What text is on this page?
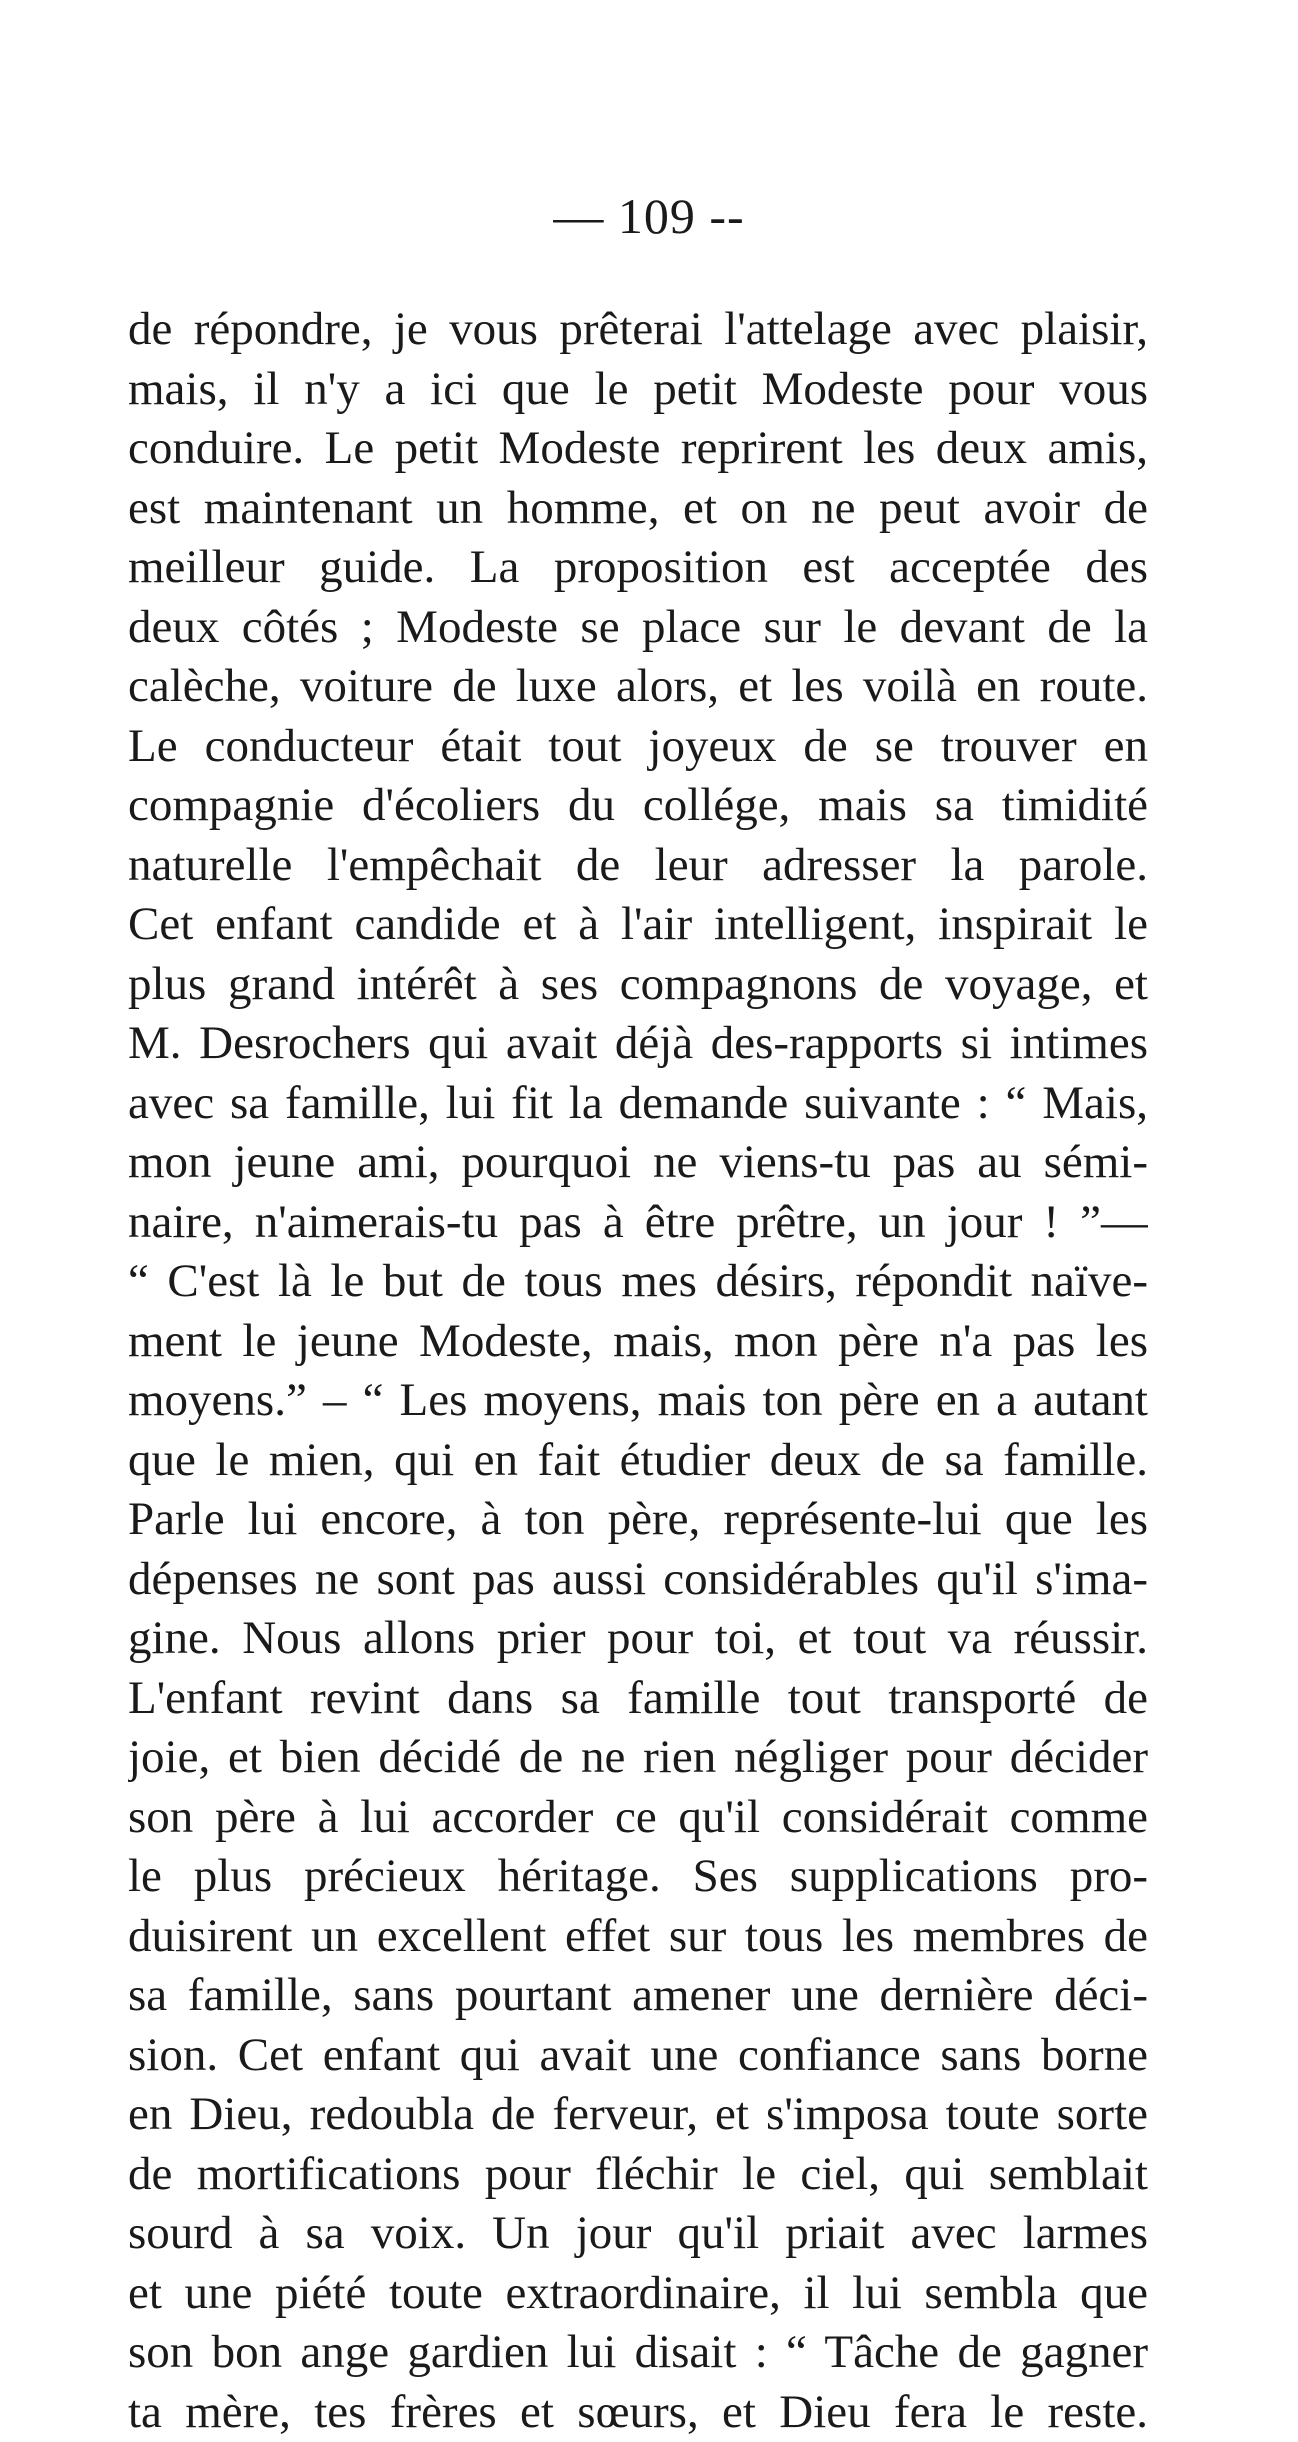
— 109 --
de répondre, je vous prêterai l'attelage avec plaisir,
mais, il n'y a ici que le petit Modeste pour vous
conduire. Le petit Modeste reprirent les deux amis,
est maintenant un homme, et on ne peut avoir de
meilleur guide. La proposition est acceptée des
deux côtés ; Modeste se place sur le devant de la
calèche, voiture de luxe alors, et les voilà en route.
Le conducteur était tout joyeux de se trouver en
compagnie d'écoliers du collége, mais sa timidité
naturelle l'empêchait de leur adresser la parole.
Cet enfant candide et à l'air intelligent, inspirait le
plus grand intérêt à ses compagnons de voyage, et
M. Desrochers qui avait déjà des-rapports si intimes
avec sa famille, lui fit la demande suivante : “ Mais,
mon jeune ami, pourquoi ne viens-tu pas au sémi-
naire, n'aimerais-tu pas à être prêtre, un jour ! ”—
“ C'est là le but de tous mes désirs, répondit naïve-
ment le jeune Modeste, mais, mon père n'a pas les
moyens.” – “ Les moyens, mais ton père en a autant
que le mien, qui en fait étudier deux de sa famille.
Parle lui encore, à ton père, représente-lui que les
dépenses ne sont pas aussi considérables qu'il s'ima-
gine. Nous allons prier pour toi, et tout va réussir.
L'enfant revint dans sa famille tout transporté de
joie, et bien décidé de ne rien négliger pour décider
son père à lui accorder ce qu'il considérait comme
le plus précieux héritage. Ses supplications pro-
duisirent un excellent effet sur tous les membres de
sa famille, sans pourtant amener une dernière déci-
sion. Cet enfant qui avait une confiance sans borne
en Dieu, redoubla de ferveur, et s'imposa toute sorte
de mortifications pour fléchir le ciel, qui semblait
sourd à sa voix. Un jour qu'il priait avec larmes
et une piété toute extraordinaire, il lui sembla que
son bon ange gardien lui disait : “ Tâche de gagner
ta mère, tes frères et sœurs, et Dieu fera le reste.
